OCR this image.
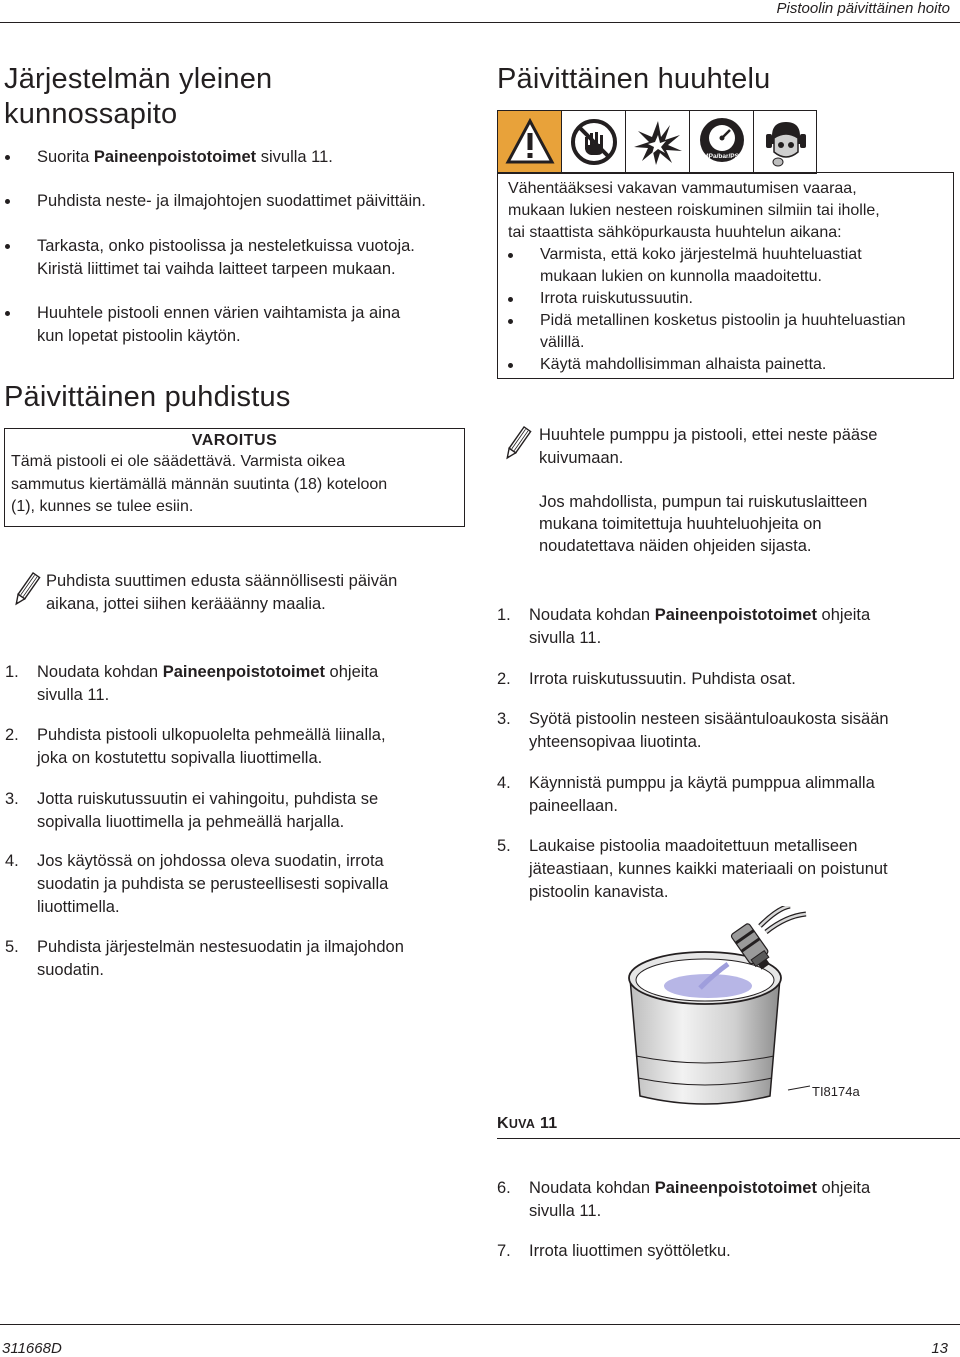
Pistoolin päivittäinen hoito
311668D	13
Järjestelmän yleinen
kunnossapito
Suorita Paineenpoistotoimet sivulla 11.
Puhdista neste- ja ilmajohtojen suodattimet päivittäin.
Tarkasta, onko pistoolissa ja nesteletkuissa vuotoja.
Kiristä liittimet tai vaihda laitteet tarpeen mukaan.
Huuhtele pistooli ennen värien vaihtamista ja aina
kun lopetat pistoolin käytön.
Päivittäinen puhdistus
VAROITUS
Tämä pistooli ei ole säädettävä. Varmista oikea
sammutus kiertämällä männän suutinta (18) koteloon
(1), kunnes se tulee esiin.
Puhdista suuttimen edusta säännöllisesti päivän
aikana, jottei siihen kerääänny maalia.
1. Noudata kohdan Paineenpoistotoimet ohjeita
sivulla 11.
2. Puhdista pistooli ulkopuolelta pehmeällä liinalla,
joka on kostutettu sopivalla liuottimella.
3. Jotta ruiskutussuutin ei vahingoitu, puhdista se
sopivalla liuottimella ja pehmeällä harjalla.
4. Jos käytössä on johdossa oleva suodatin, irrota
suodatin ja puhdista se perusteellisesti sopivalla
liuottimella.
5. Puhdista järjestelmän nestesuodatin ja ilmajohdon
suodatin.
Päivittäinen huuhtelu
MPa/bar/PSI
Vähentääksesi vakavan vammautumisen vaaraa,
mukaan lukien nesteen roiskuminen silmiin tai iholle,
tai staattista sähköpurkausta huuhtelun aikana:
Varmista, että koko järjestelmä huuhteluastiat
mukaan lukien on kunnolla maadoitettu.
Irrota ruiskutussuutin.
Pidä metallinen kosketus pistoolin ja huuhteluastian
välillä.
Käytä mahdollisimman alhaista painetta.
Huuhtele pumppu ja pistooli, ettei neste pääse
kuivumaan.
Jos mahdollista, pumpun tai ruiskutuslaitteen
mukana toimitettuja huuhteluohjeita on
noudatettava näiden ohjeiden sijasta.
1. Noudata kohdan Paineenpoistotoimet ohjeita
sivulla 11.
2. Irrota ruiskutussuutin. Puhdista osat.
3. Syötä pistoolin nesteen sisääntuloaukosta sisään
yhteensopivaa liuotinta.
4. Käynnistä pumppu ja käytä pumppua alimmalla
paineellaan.
5. Laukaise pistoolia maadoitettuun metalliseen
jäteastiaan, kunnes kaikki materiaali on poistunut
pistoolin kanavista.
TI8174a
KUVA 11
6. Noudata kohdan Paineenpoistotoimet ohjeita
sivulla 11.
7. Irrota liuottimen syöttöletku.
